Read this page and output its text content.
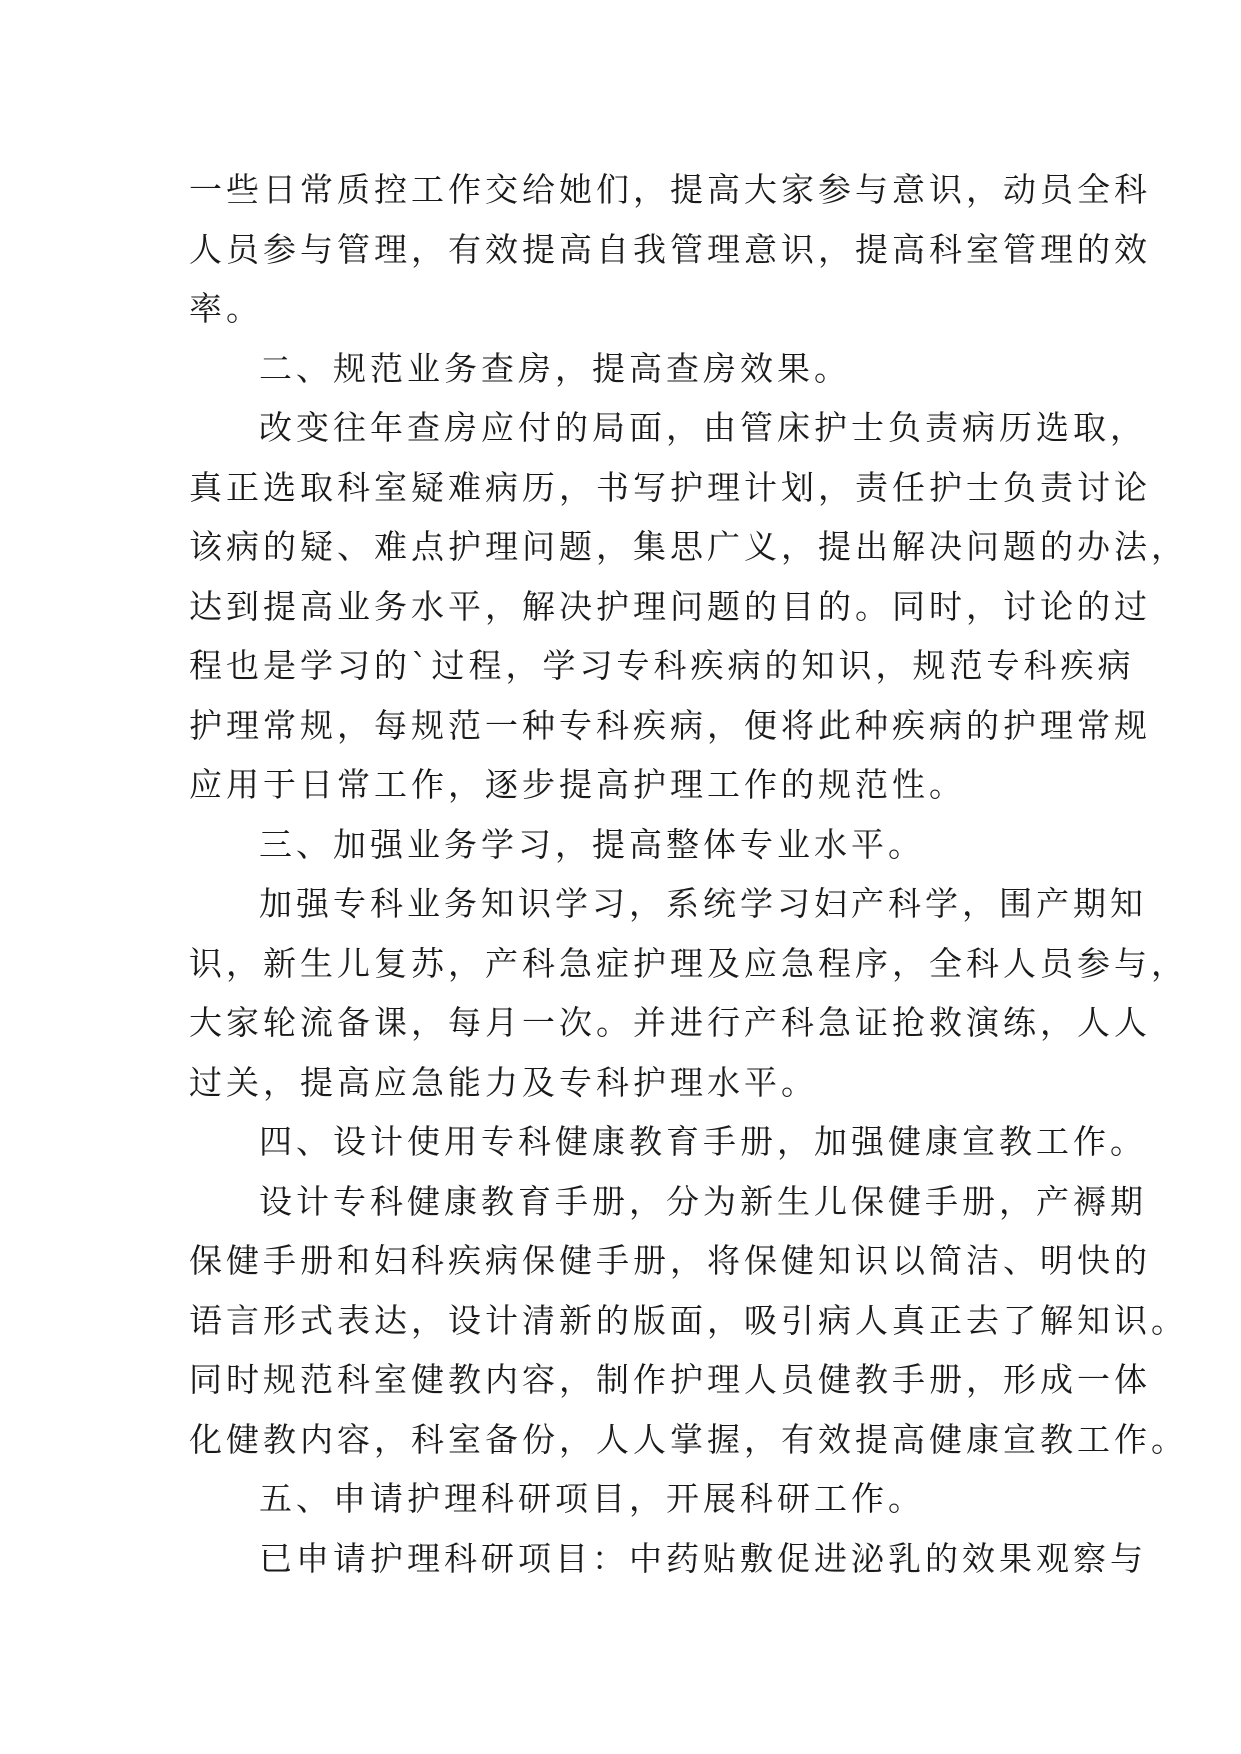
一些日常质控工作交给她们，提高大家参与意识，动员全科
人员参与管理，有效提高自我管理意识，提高科室管理的效
率。
二、规范业务查房，提高查房效果。
改变往年查房应付的局面，由管床护士负责病历选取，
真正选取科室疑难病历，书写护理计划，责任护士负责讨论
该病的疑、难点护理问题，集思广义，提出解决问题的办法，
达到提高业务水平，解决护理问题的目的。同时，讨论的过
程也是学习的`过程，学习专科疾病的知识，规范专科疾病
护理常规，每规范一种专科疾病，便将此种疾病的护理常规
应用于日常工作，逐步提高护理工作的规范性。
三、加强业务学习，提高整体专业水平。
加强专科业务知识学习，系统学习妇产科学，围产期知
识，新生儿复苏，产科急症护理及应急程序，全科人员参与，
大家轮流备课，每月一次。并进行产科急证抢救演练，人人
过关，提高应急能力及专科护理水平。
四、设计使用专科健康教育手册，加强健康宣教工作。
设计专科健康教育手册，分为新生儿保健手册，产褥期
保健手册和妇科疾病保健手册，将保健知识以简洁、明快的
语言形式表达，设计清新的版面，吸引病人真正去了解知识。
同时规范科室健教内容，制作护理人员健教手册，形成一体
化健教内容，科室备份，人人掌握，有效提高健康宣教工作。
五、申请护理科研项目，开展科研工作。
已申请护理科研项目：中药贴敷促进泌乳的效果观察与
